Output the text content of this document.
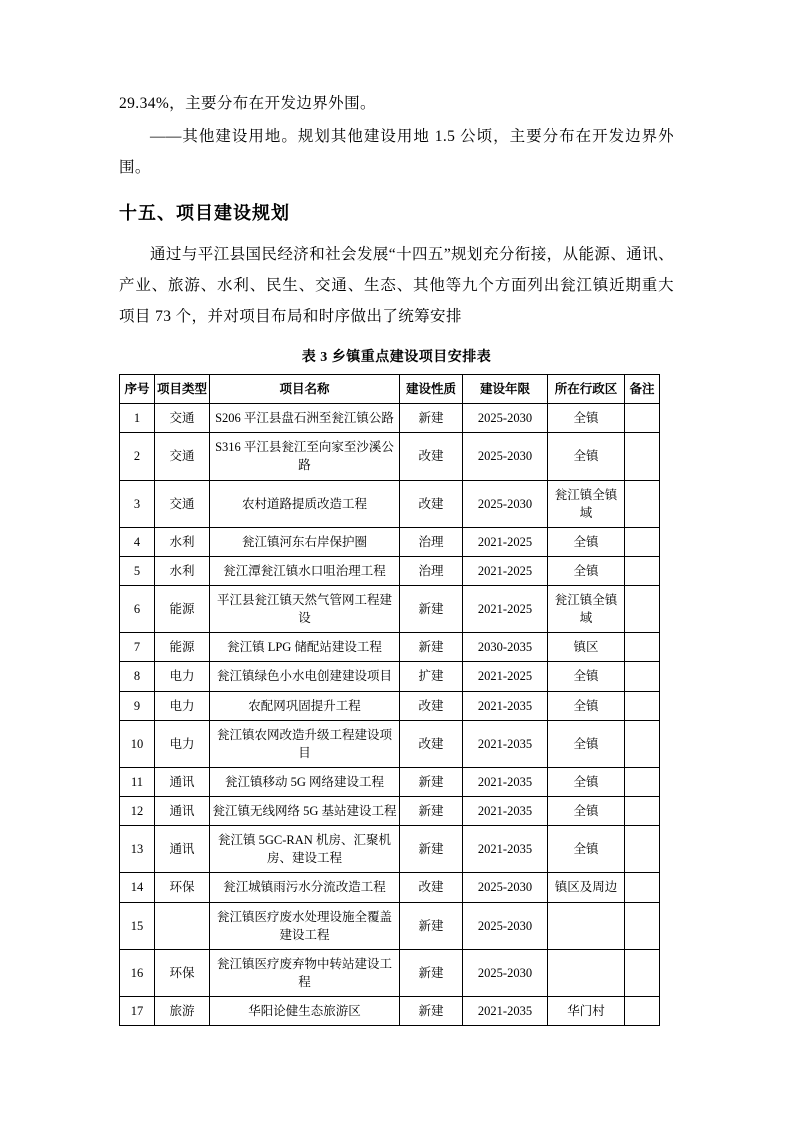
29.34%，主要分布在开发边界外围。

——其他建设用地。规划其他建设用地 1.5 公顷，主要分布在开发边界外围。

十五、项目建设规划

通过与平江县国民经济和社会发展“十四五”规划充分衔接，从能源、通讯、产业、旅游、水利、民生、交通、生态、其他等九个方面列出瓮江镇近期重大项目 73 个，并对项目布局和时序做出了统筹安排

表 3 乡镇重点建设项目安排表
序号	项目类型	项目名称	建设性质	建设年限	所在行政区	备注
1	交通	S206 平江县盘石洲至瓮江镇公路	新建	2025-2030	全镇	
2	交通	S316 平江县瓮江至向家至沙溪公路	改建	2025-2030	全镇	
3	交通	农村道路提质改造工程	改建	2025-2030	瓮江镇全镇域	
4	水利	瓮江镇河东右岸保护圈	治理	2021-2025	全镇	
5	水利	瓮江潭瓮江镇水口咀治理工程	治理	2021-2025	全镇	
6	能源	平江县瓮江镇天然气管网工程建设	新建	2021-2025	瓮江镇全镇域	
7	能源	瓮江镇 LPG 储配站建设工程	新建	2030-2035	镇区	
8	电力	瓮江镇绿色小水电创建建设项目	扩建	2021-2025	全镇	
9	电力	农配网巩固提升工程	改建	2021-2035	全镇	
10	电力	瓮江镇农网改造升级工程建设项目	改建	2021-2035	全镇	
11	通讯	瓮江镇移动 5G 网络建设工程	新建	2021-2035	全镇	
12	通讯	瓮江镇无线网络 5G 基站建设工程	新建	2021-2035	全镇	
13	通讯	瓮江镇 5GC-RAN 机房、汇聚机房、建设工程	新建	2021-2035	全镇	
14	环保	瓮江城镇雨污水分流改造工程	改建	2025-2030	镇区及周边	
15		瓮江镇医疗废水处理设施全覆盖建设工程	新建	2025-2030		
16	环保	瓮江镇医疗废弃物中转站建设工程	新建	2025-2030		
17	旅游	华阳论健生态旅游区	新建	2021-2035	华门村	
